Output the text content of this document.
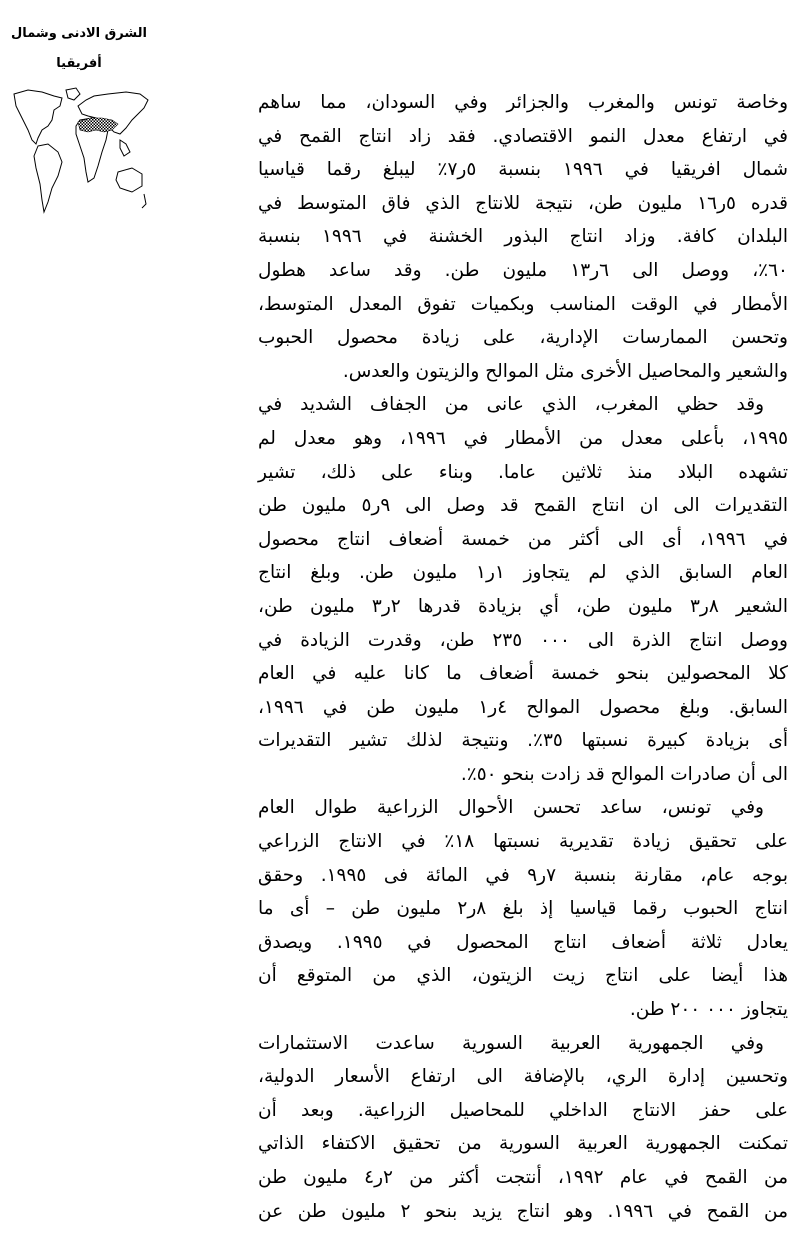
الشرق الادنى وشمال
أفريقيا
وخاصة تونس والمغرب والجزائر وفي السودان، مما ساهم
في ارتفاع معدل النمو الاقتصادي. فقد زاد انتاج القمح في
شمال افريقيا في ١٩٩٦ بنسبة ٥ر٧٪ ليبلغ رقما قياسيا
قدره ٥ر١٦ مليون طن، نتيجة للانتاج الذي فاق المتوسط في
البلدان كافة. وزاد انتاج البذور الخشنة في ١٩٩٦ بنسبة
٦٠٪، ووصل الى ٦ر١٣ مليون طن. وقد ساعد هطول
الأمطار في الوقت المناسب وبكميات تفوق المعدل المتوسط،
وتحسن الممارسات الإدارية، على زيادة محصول الحبوب
والشعير والمحاصيل الأخرى مثل الموالح والزيتون والعدس.
وقد حظي المغرب، الذي عانى من الجفاف الشديد في
١٩٩٥، بأعلى معدل من الأمطار في ١٩٩٦، وهو معدل لم
تشهده البلاد منذ ثلاثين عاما. وبناء على ذلك، تشير
التقديرات الى ان انتاج القمح قد وصل الى ٩ر٥ مليون طن
في ١٩٩٦، أى الى أكثر من خمسة أضعاف انتاج محصول
العام السابق الذي لم يتجاوز ١ر١ مليون طن. وبلغ انتاج
الشعير ٨ر٣ مليون طن، أي بزيادة قدرها ٢ر٣ مليون طن،
ووصل انتاج الذرة الى ٠٠٠ ٢٣٥ طن، وقدرت الزيادة في
كلا المحصولين بنحو خمسة أضعاف ما كانا عليه في العام
السابق. وبلغ محصول الموالح ٤ر١ مليون طن في ١٩٩٦،
أى بزيادة كبيرة نسبتها ٣٥٪. ونتيجة لذلك تشير التقديرات
الى أن صادرات الموالح قد زادت بنحو ٥٠٪.
وفي تونس، ساعد تحسن الأحوال الزراعية طوال العام
على تحقيق زيادة تقديرية نسبتها ١٨٪ في الانتاج الزراعي
بوجه عام، مقارنة بنسبة ٧ر٩ في المائة فى ١٩٩٥. وحقق
انتاج الحبوب رقما قياسيا إذ بلغ ٨ر٢ مليون طن – أى ما
يعادل ثلاثة أضعاف انتاج المحصول في ١٩٩٥. ويصدق
هذا أيضا على انتاج زيت الزيتون، الذي من المتوقع أن
يتجاوز ٠٠٠ ٢٠٠ طن.
وفي الجمهورية العربية السورية ساعدت الاستثمارات
وتحسين إدارة الري، بالإضافة الى ارتفاع الأسعار الدولية،
على حفز الانتاج الداخلي للمحاصيل الزراعية. وبعد أن
تمكنت الجمهورية العربية السورية من تحقيق الاكتفاء الذاتي
من القمح في عام ١٩٩٢، أنتجت أكثر من ٢ر٤ مليون طن
من القمح في ١٩٩٦. وهو انتاج يزيد بنحو ٢ مليون طن عن
